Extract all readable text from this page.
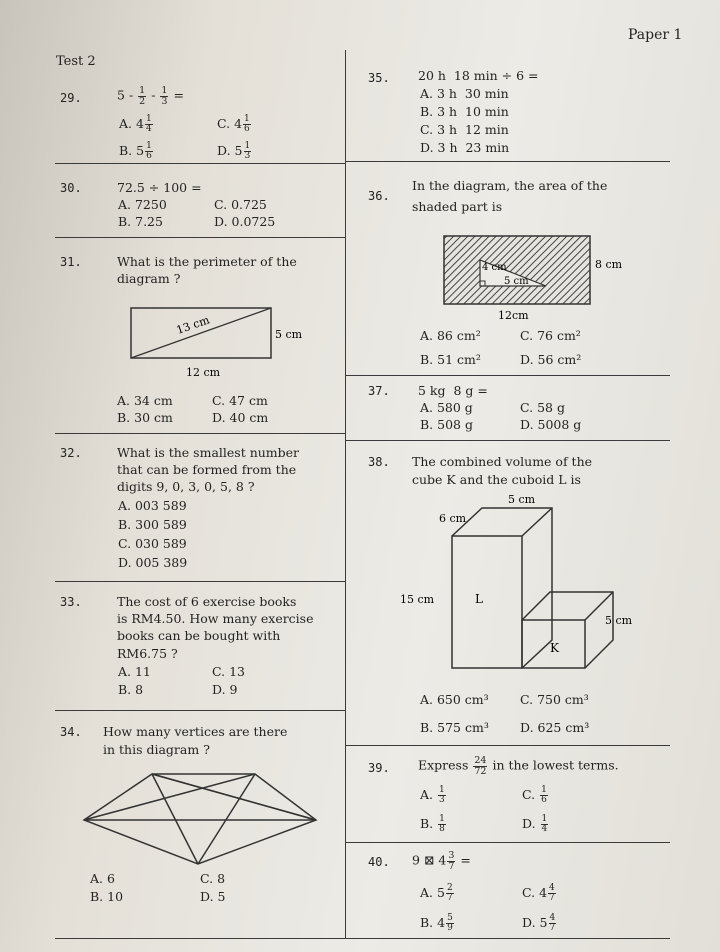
Paper 1
Test 2
29.	$5 - \frac{1}{2} - \frac{1}{3}$ =
A. $4 \frac{1}{4}$	C. $4 \frac{1}{6}$
B. $5 \frac{1}{6}$	D. $5 \frac{1}{3}$
30.	72.5 ÷ 100 =
A. 7250	C. 0.725
B. 7.25	D. 0.0725
31.	What is the perimeter of the
diagram ?
13 cm	5 cm
12 cm
A. 34 cm	C. 47 cm
B. 30 cm	D. 40 cm
32.	What is the smallest number
that can be formed from the
digits 9, 0, 3, 0, 5, 8 ?
A. 003 589
B. 300 589
C. 030 589
D. 005 389
33.	The cost of 6 exercise books
is RM4.50. How many exercise
books can be bought with
RM6.75 ?
A. 11	C. 13
B. 8	D. 9
34. How many vertices are there
in this diagram ?
A. 6	C. 8
B. 10	D. 5
35. 20 h  18 min ÷ 6 =
A. 3 h  30 min
B. 3 h  10 min
C. 3 h  12 min
D. 3 h  23 min
36.
In the diagram, the area of the
shaded part is
4 cm
5 cm
8 cm
12cm
A. 86 cm²	C. 76 cm²
B. 51 cm²	D. 56 cm²
37. 5 kg  8 g =
A. 580 g	C. 58 g
B. 508 g	D. 5008 g
38. The combined volume of the
cube K and the cuboid L is
5 cm
6 cm
15 cm	L
5 cm
K
A. 650 cm³	C. 750 cm³
B. 575 cm³ D. 625 cm³
39. Express $\frac{24}{72}$ in the lowest terms.
A. $\frac{1}{3}$	C. $\frac{1}{6}$
B. $\frac{1}{8}$	D. $\frac{1}{4}$
40. 9 ⊠ $4 \frac{3}{7}$ =
A. $5 \frac{2}{7}$	C. $4 \frac{4}{7}$
B. $4 \frac{5}{9}$	D. $5 \frac{4}{7}$
